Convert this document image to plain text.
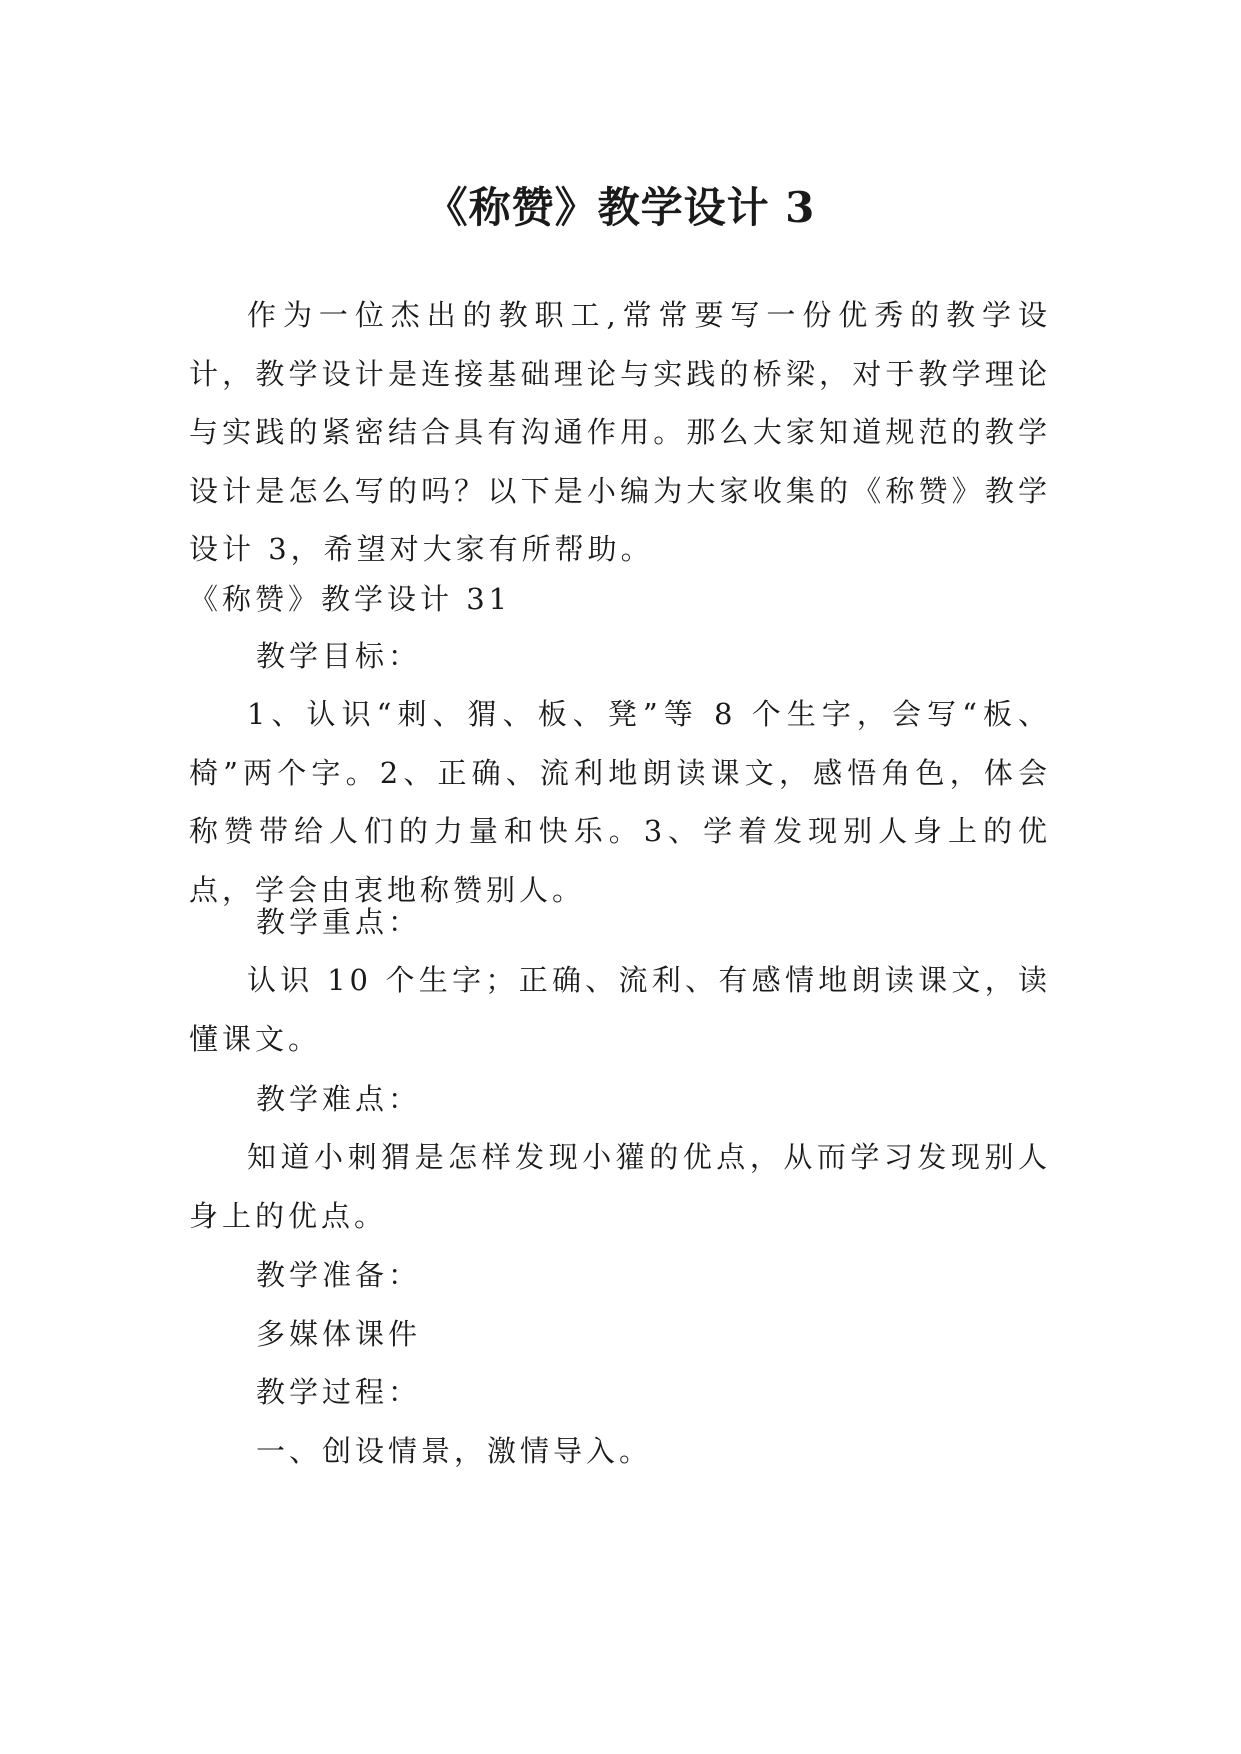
《称赞》教学设计 3

作为一位杰出的教职工,常常要写一份优秀的教学设计，教学设计是连接基础理论与实践的桥梁，对于教学理论与实践的紧密结合具有沟通作用。那么大家知道规范的教学设计是怎么写的吗？以下是小编为大家收集的《称赞》教学设计 3，希望对大家有所帮助。

《称赞》教学设计 31

教学目标：

1、认识“刺、猬、板、凳”等 8 个生字，会写“板、椅”两个字。2、正确、流利地朗读课文，感悟角色，体会称赞带给人们的力量和快乐。3、学着发现别人身上的优点，学会由衷地称赞别人。

教学重点：

认识 10 个生字；正确、流利、有感情地朗读课文，读懂课文。

教学难点：

知道小刺猬是怎样发现小獾的优点，从而学习发现别人身上的优点。

教学准备：

多媒体课件

教学过程：

一、创设情景，激情导入。
